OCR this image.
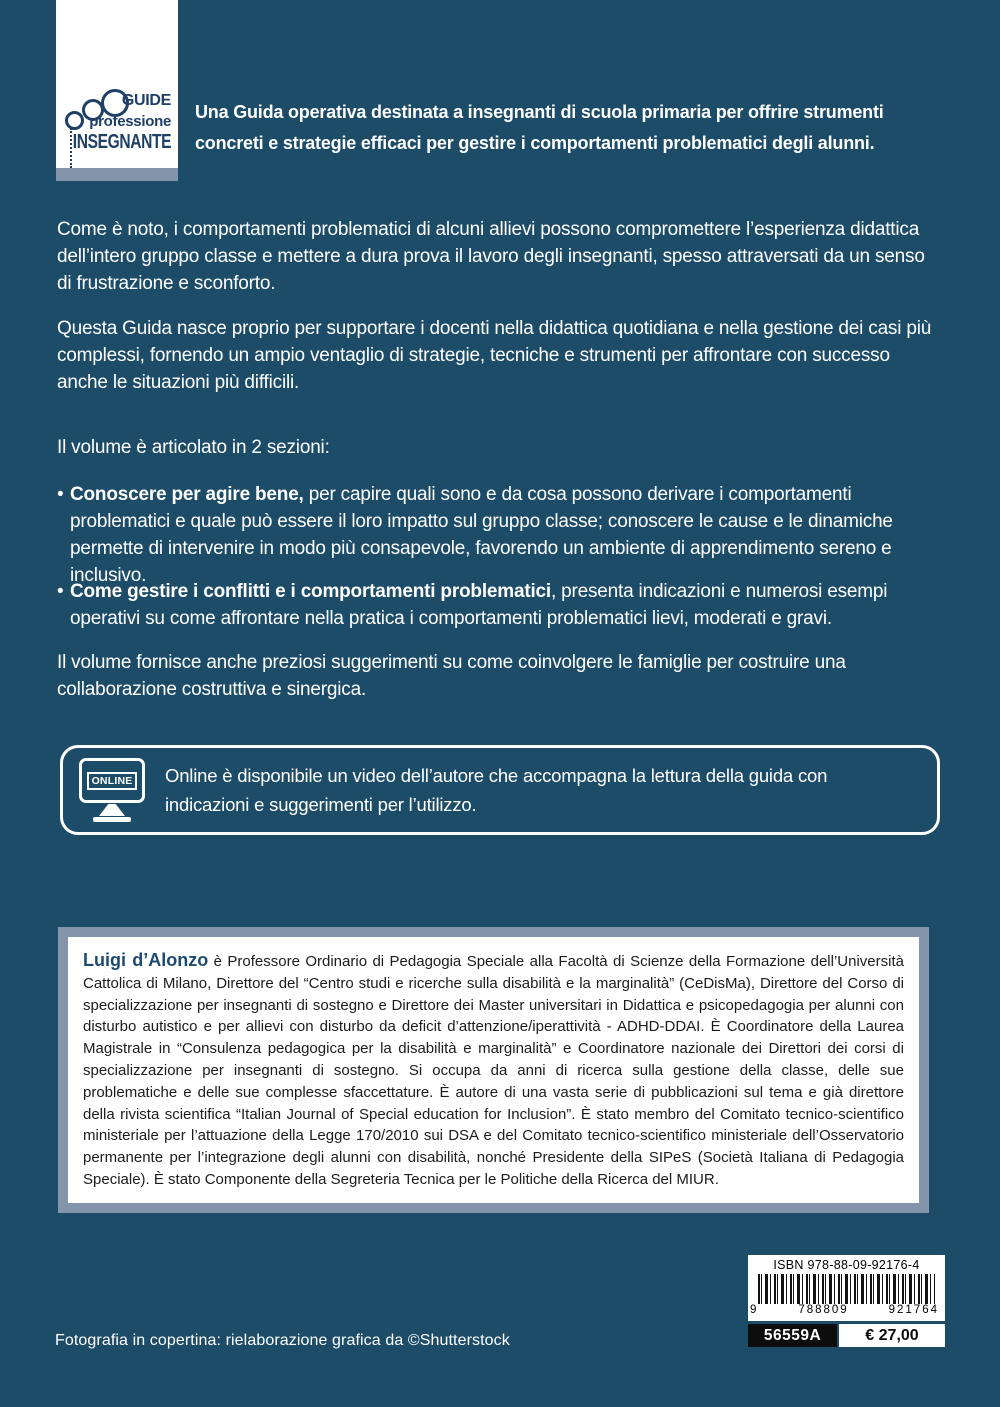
GUIDE
professione
INSEGNANTE

Una Guida operativa destinata a insegnanti di scuola primaria per offrire strumenti concreti e strategie efficaci per gestire i comportamenti problematici degli alunni.

Come è noto, i comportamenti problematici di alcuni allievi possono compromettere l’esperienza didattica dell’intero gruppo classe e mettere a dura prova il lavoro degli insegnanti, spesso attraversati da un senso di frustrazione e sconforto.

Questa Guida nasce proprio per supportare i docenti nella didattica quotidiana e nella gestione dei casi più complessi, fornendo un ampio ventaglio di strategie, tecniche e strumenti per affrontare con successo anche le situazioni più difficili.

Il volume è articolato in 2 sezioni:

• Conoscere per agire bene, per capire quali sono e da cosa possono derivare i comportamenti problematici e quale può essere il loro impatto sul gruppo classe; conoscere le cause e le dinamiche permette di intervenire in modo più consapevole, favorendo un ambiente di apprendimento sereno e inclusivo.

• Come gestire i conflitti e i comportamenti problematici, presenta indicazioni e numerosi esempi operativi su come affrontare nella pratica i comportamenti problematici lievi, moderati e gravi.

Il volume fornisce anche preziosi suggerimenti su come coinvolgere le famiglie per costruire una collaborazione costruttiva e sinergica.

ONLINE Online è disponibile un video dell’autore che accompagna la lettura della guida con indicazioni e suggerimenti per l’utilizzo.

Luigi d’Alonzo è Professore Ordinario di Pedagogia Speciale alla Facoltà di Scienze della Formazione dell’Università Cattolica di Milano, Direttore del “Centro studi e ricerche sulla disabilità e la marginalità” (CeDisMa), Direttore del Corso di specializzazione per insegnanti di sostegno e Direttore dei Master universitari in Didattica e psicopedagogia per alunni con disturbo autistico e per allievi con disturbo da deficit d’attenzione/iperattività - ADHD-DDAI. È Coordinatore della Laurea Magistrale in “Consulenza pedagogica per la disabilità e marginalità” e Coordinatore nazionale dei Direttori dei corsi di specializzazione per insegnanti di sostegno. Si occupa da anni di ricerca sulla gestione della classe, delle sue problematiche e delle sue complesse sfaccettature. È autore di una vasta serie di pubblicazioni sul tema e già direttore della rivista scientifica “Italian Journal of Special education for Inclusion”. È stato membro del Comitato tecnico-scientifico ministeriale per l’attuazione della Legge 170/2010 sui DSA e del Comitato tecnico-scientifico ministeriale dell’Osservatorio permanente per l’integrazione degli alunni con disabilità, nonché Presidente della SIPeS (Società Italiana di Pedagogia Speciale). È stato Componente della Segreteria Tecnica per le Politiche della Ricerca del MIUR.

Fotografia in copertina: rielaborazione grafica da ©Shutterstock

ISBN 978-88-09-92176-4

9	788809	921764
56559A	€ 27,00
